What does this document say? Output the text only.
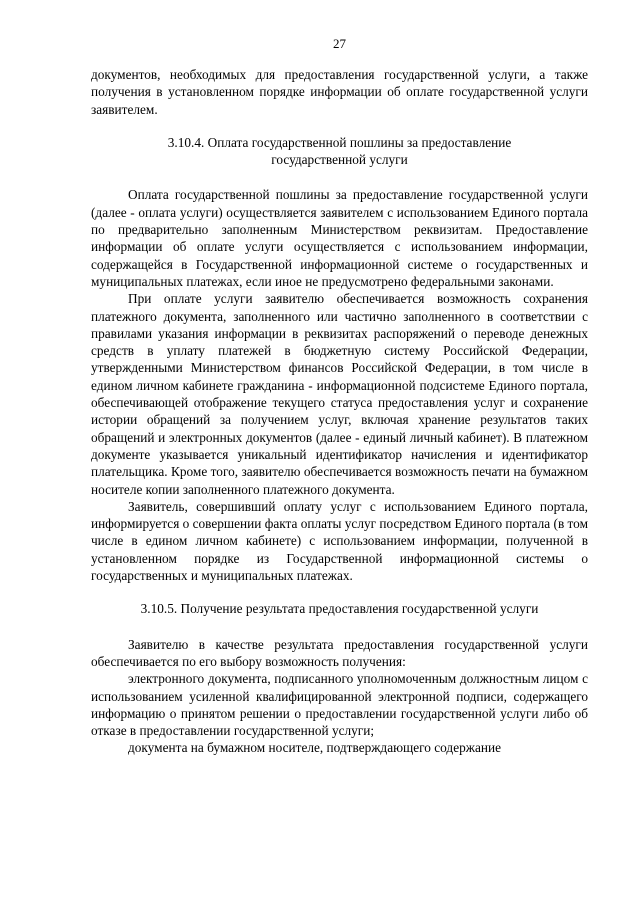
27

документов, необходимых для предоставления государственной услуги, а также получения в установленном порядке информации об оплате государственной услуги заявителем.

3.10.4. Оплата государственной пошлины за предоставление государственной услуги

Оплата государственной пошлины за предоставление государственной услуги (далее - оплата услуги) осуществляется заявителем с использованием Единого портала по предварительно заполненным Министерством реквизитам. Предоставление информации об оплате услуги осуществляется с использованием информации, содержащейся в Государственной информационной системе о государственных и муниципальных платежах, если иное не предусмотрено федеральными законами.

При оплате услуги заявителю обеспечивается возможность сохранения платежного документа, заполненного или частично заполненного в соответствии с правилами указания информации в реквизитах распоряжений о переводе денежных средств в уплату платежей в бюджетную систему Российской Федерации, утвержденными Министерством финансов Российской Федерации, в том числе в едином личном кабинете гражданина - информационной подсистеме Единого портала, обеспечивающей отображение текущего статуса предоставления услуг и сохранение истории обращений за получением услуг, включая хранение результатов таких обращений и электронных документов (далее - единый личный кабинет). В платежном документе указывается уникальный идентификатор начисления и идентификатор плательщика. Кроме того, заявителю обеспечивается возможность печати на бумажном носителе копии заполненного платежного документа.

Заявитель, совершивший оплату услуг с использованием Единого портала, информируется о совершении факта оплаты услуг посредством Единого портала (в том числе в едином личном кабинете) с использованием информации, полученной в установленном порядке из Государственной информационной системы о государственных и муниципальных платежах.

3.10.5. Получение результата предоставления государственной услуги

Заявителю в качестве результата предоставления государственной услуги обеспечивается по его выбору возможность получения:

электронного документа, подписанного уполномоченным должностным лицом с использованием усиленной квалифицированной электронной подписи, содержащего информацию о принятом решении о предоставлении государственной услуги либо об отказе в предоставлении государственной услуги;

документа на бумажном носителе, подтверждающего содержание
